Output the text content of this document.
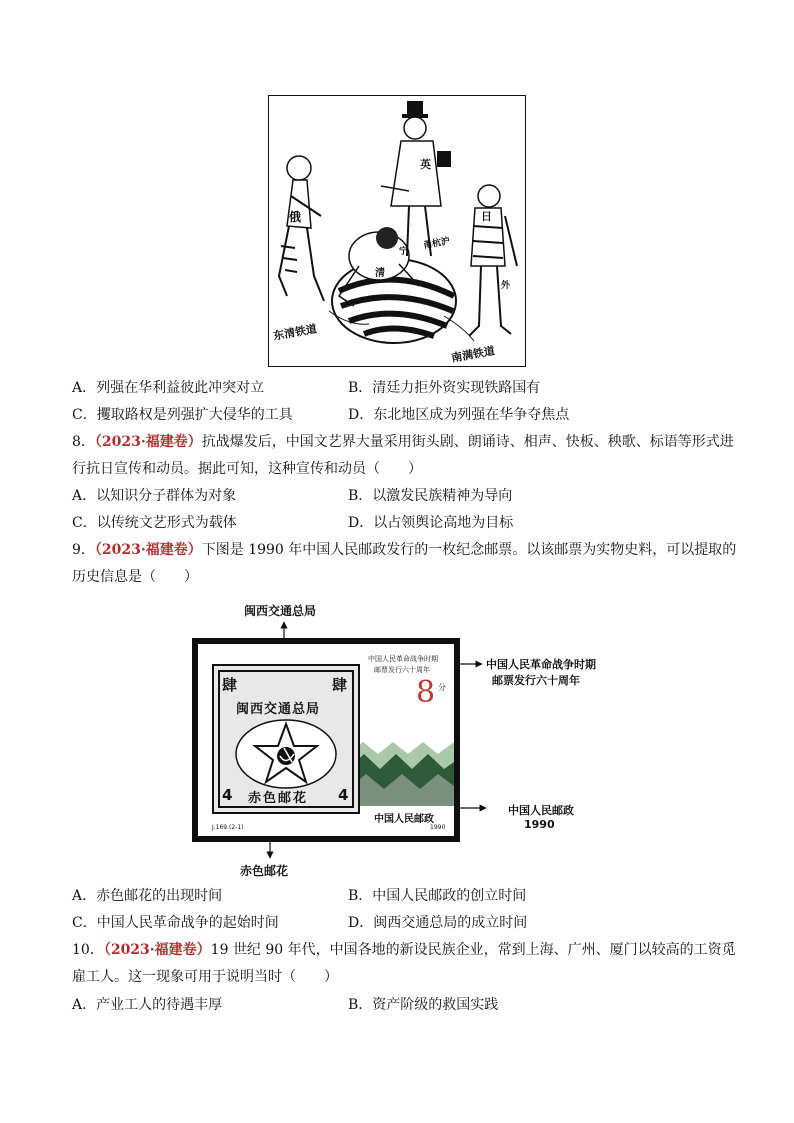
俄
英
日
清
甬杭沪
宁
外
东清铁道
南满铁道
A．列强在华利益彼此冲突对立	B．清廷力拒外资实现铁路国有
C．攫取路权是列强扩大侵华的工具	D．东北地区成为列强在华争夺焦点
8．（2023·福建卷）抗战爆发后，中国文艺界大量采用街头剧、朗诵诗、相声、快板、秧歌、标语等形式进
行抗日宣传和动员。据此可知，这种宣传和动员（　　）
A．以知识分子群体为对象	B．以激发民族精神为导向
C．以传统文艺形式为载体	D．以占领舆论高地为目标
9．（2023·福建卷）下图是 1990 年中国人民邮政发行的一枚纪念邮票。以该邮票为实物史料，可以提取的
历史信息是（　　）
闽西交通总局
中国人民革命战争时期
邮票发行六十周年
中国人民邮政
1990
赤色邮花
中国人民革命战争时期
邮票发行六十周年
8 分
肆	肆
闽西交通总局
4 赤色邮花 4
中国人民邮政
J.169.(2-1)	1990
A．赤色邮花的出现时间	B．中国人民邮政的创立时间
C．中国人民革命战争的起始时间	D．闽西交通总局的成立时间
10．（2023·福建卷）19 世纪 90 年代，中国各地的新设民族企业，常到上海、广州、厦门以较高的工资觅
雇工人。这一现象可用于说明当时（　　）
A．产业工人的待遇丰厚	B．资产阶级的救国实践
